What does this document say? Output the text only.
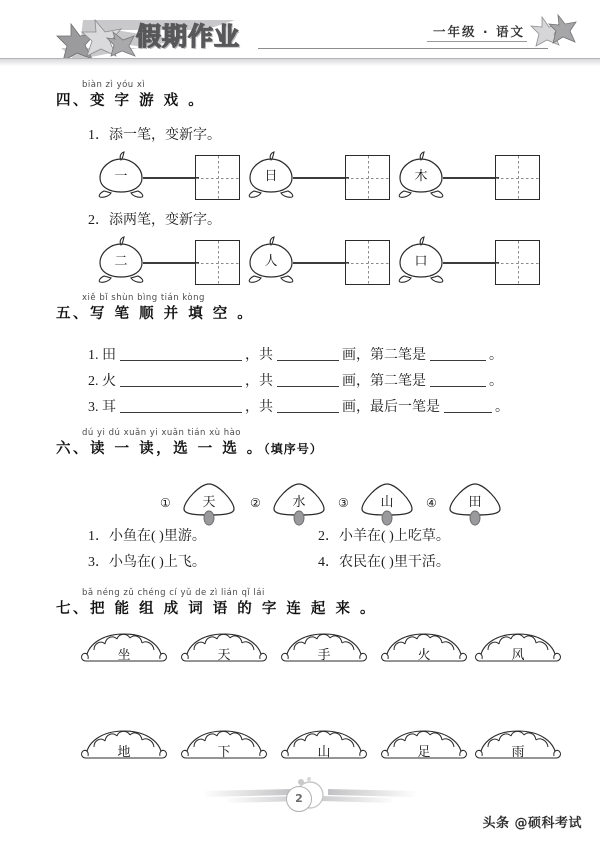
假期作业	一年级 · 语文
biàn zì yóu xì
四、变 字 游 戏 。
1．添一笔，变新字。
一	日	木
2．添两笔，变新字。
二	人	口
xiě bǐ shùn bìng tián kòng
五、写 笔 顺 并 填 空 。
1. 田	，共	画，第二笔是	。
2. 火	，共	画，第二笔是	。
3. 耳	，共	画，最后一笔是	。
dú yi dú xuǎn yi xuǎn tián xù hào
六、读 一 读，选 一 选 。（填序号）
①	天	②	水	③	山	④	田
1．小鱼在( )里游。	2．小羊在( )上吃草。
3．小鸟在( )上飞。	4．农民在( )里干活。
bǎ néng zǔ chéng cí yǔ de zì lián qǐ lái
七、把 能 组 成 词 语 的 字 连 起 来 。
坐	天	手	火	风
地	下	山	足	雨
2
头条 @硕科考试
